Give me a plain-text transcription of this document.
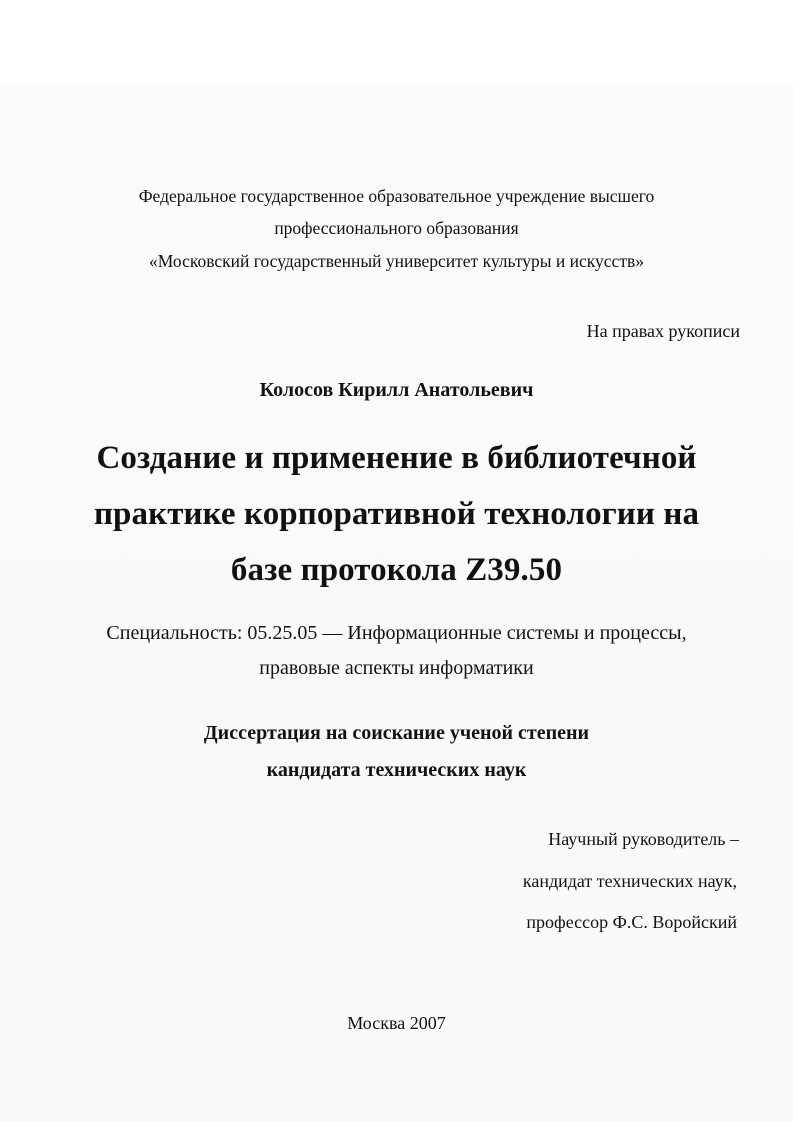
Федеральное государственное образовательное учреждение высшего
профессионального образования
«Московский государственный университет культуры и искусств»
На правах рукописи
Колосов Кирилл Анатольевич
Создание и применение в библиотечной
практике корпоративной технологии на
базе протокола Z39.50
Специальность: 05.25.05 — Информационные системы и процессы,
правовые аспекты информатики
Диссертация на соискание ученой степени
кандидата технических наук
Научный руководитель –
кандидат технических наук,
профессор Ф.С. Воройский
Москва 2007
